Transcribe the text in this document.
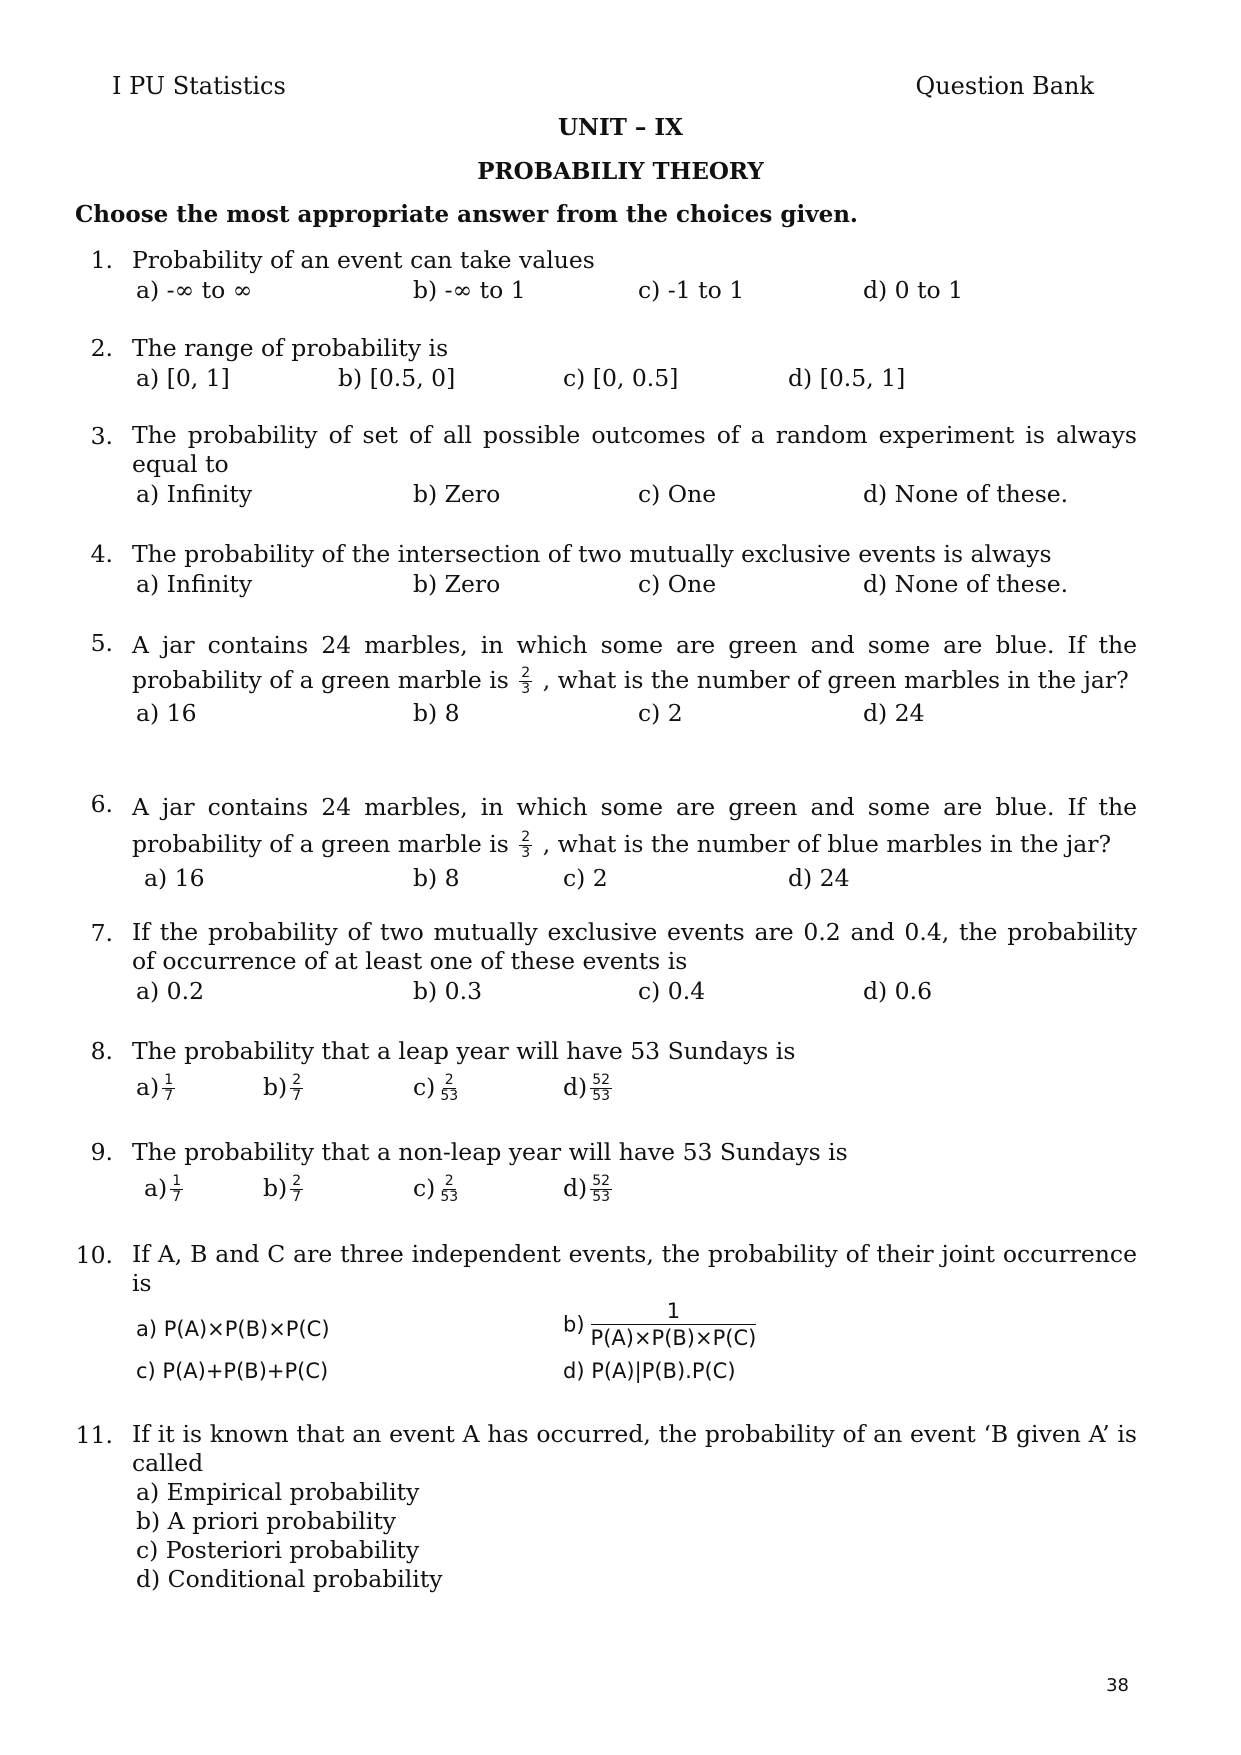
I PU Statistics	Question Bank
UNIT – IX
PROBABILIY THEORY
Choose the most appropriate answer from the choices given.
1. Probability of an event can take values
a) -∞ to ∞	b) -∞ to 1	c) -1 to 1	d) 0 to 1
2. The range of probability is
a) [0, 1]	b) [0.5, 0]	c) [0, 0.5]	d) [0.5, 1]
3. The probability of set of all possible outcomes of a random experiment is always equal to
a) Infinity	b) Zero	c) One	d) None of these.
4. The probability of the intersection of two mutually exclusive events is always
a) Infinity	b) Zero	c) One	d) None of these.
5. A jar contains 24 marbles, in which some are green and some are blue. If the probability of a green marble is $\frac{2}{3}$ , what is the number of green marbles in the jar?
a) 16	b) 8	c) 2	d) 24
6. A jar contains 24 marbles, in which some are green and some are blue. If the probability of a green marble is $\frac{2}{3}$ , what is the number of blue marbles in the jar?
a) 16	b) 8	c) 2	d) 24
7. If the probability of two mutually exclusive events are 0.2 and 0.4, the probability of occurrence of at least one of these events is
a) 0.2	b) 0.3	c) 0.4	d) 0.6
8. The probability that a leap year will have 53 Sundays is
$a) \frac{1}{7}$	$b) \frac{2}{7}$	$c) \frac{2}{53}$	$d) \frac{52}{53}$
9. The probability that a non-leap year will have 53 Sundays is
$a) \frac{1}{7}$	$b) \frac{2}{7}$	$c) \frac{2}{53}$	$d) \frac{52}{53}$
10. If A, B and C are three independent events, the probability of their joint occurrence is
a) P(A)×P(B)×P(C)	$b) \frac{1}{P(A)\times P(B)\times P(C)}$
c) P(A)+P(B)+P(C)	d) P(A)|P(B).P(C)
11. If it is known that an event A has occurred, the probability of an event ‘B given A’ is called
a) Empirical probability
b) A priori probability
c) Posteriori probability
d) Conditional probability
38
